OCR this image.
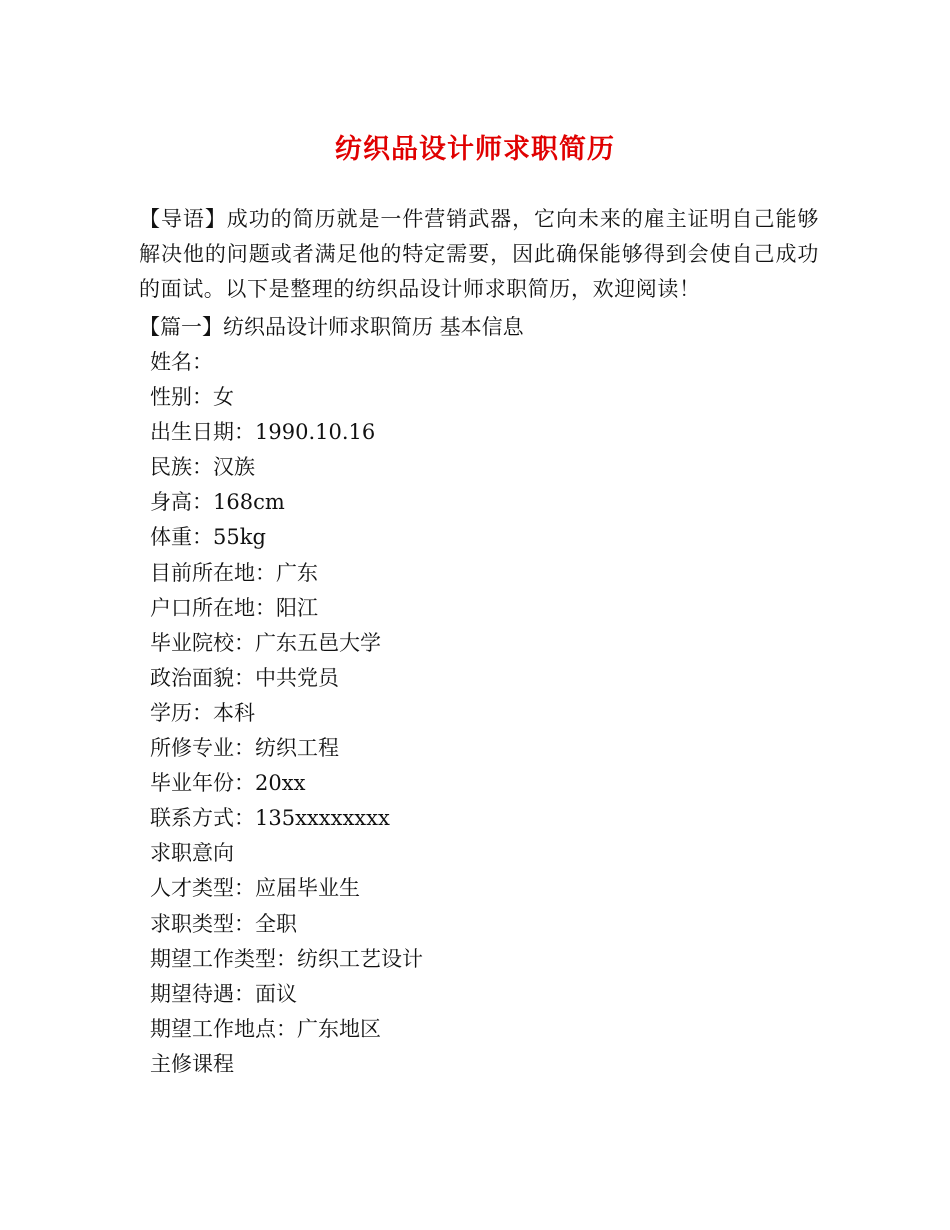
纺织品设计师求职简历
【导语】成功的简历就是一件营销武器，它向未来的雇主证明自己能够解决他的问题或者满足他的特定需要，因此确保能够得到会使自己成功的面试。以下是整理的纺织品设计师求职简历，欢迎阅读！
【篇一】纺织品设计师求职简历 基本信息
姓名：
性别：女
出生日期：1990.10.16
民族：汉族
身高：168cm
体重：55kg
目前所在地：广东
户口所在地：阳江
毕业院校：广东五邑大学
政治面貌：中共党员
学历：本科
所修专业：纺织工程
毕业年份：20xx
联系方式：135xxxxxxxx
求职意向
人才类型：应届毕业生
求职类型：全职
期望工作类型：纺织工艺设计
期望待遇：面议
期望工作地点：广东地区
主修课程
